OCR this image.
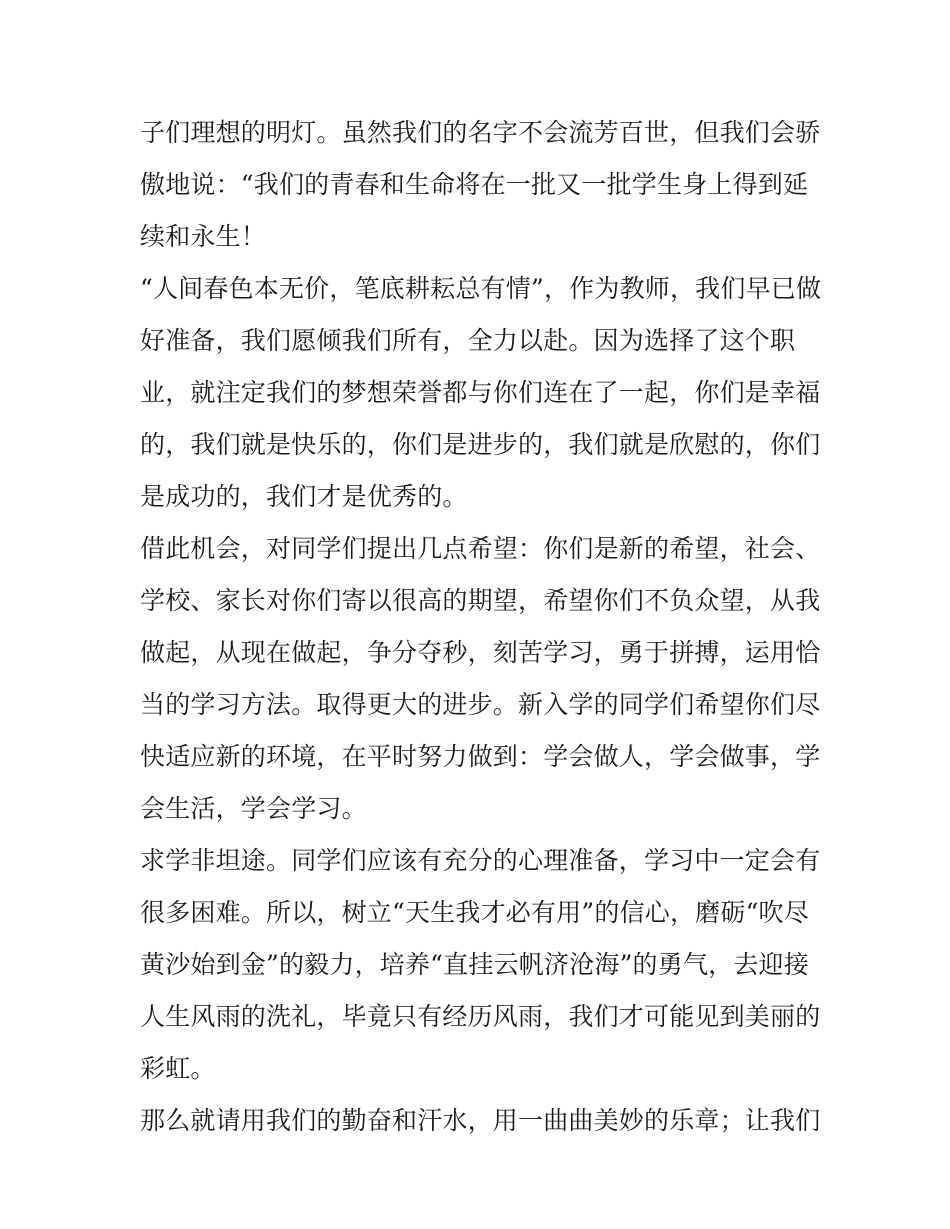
子们理想的明灯。虽然我们的名字不会流芳百世，但我们会骄
傲地说：“我们的青春和生命将在一批又一批学生身上得到延
续和永生！
“人间春色本无价，笔底耕耘总有情”，作为教师，我们早已做
好准备，我们愿倾我们所有，全力以赴。因为选择了这个职
业，就注定我们的梦想荣誉都与你们连在了一起，你们是幸福
的，我们就是快乐的，你们是进步的，我们就是欣慰的，你们
是成功的，我们才是优秀的。
借此机会，对同学们提出几点希望：你们是新的希望，社会、
学校、家长对你们寄以很高的期望，希望你们不负众望，从我
做起，从现在做起，争分夺秒，刻苦学习，勇于拼搏，运用恰
当的学习方法。取得更大的进步。新入学的同学们希望你们尽
快适应新的环境，在平时努力做到：学会做人，学会做事，学
会生活，学会学习。
求学非坦途。同学们应该有充分的心理准备，学习中一定会有
很多困难。所以，树立“天生我才必有用”的信心，磨砺“吹尽
黄沙始到金”的毅力，培养“直挂云帆济沧海”的勇气，去迎接
人生风雨的洗礼，毕竟只有经历风雨，我们才可能见到美丽的
彩虹。
那么就请用我们的勤奋和汗水，用一曲曲美妙的乐章；让我们
